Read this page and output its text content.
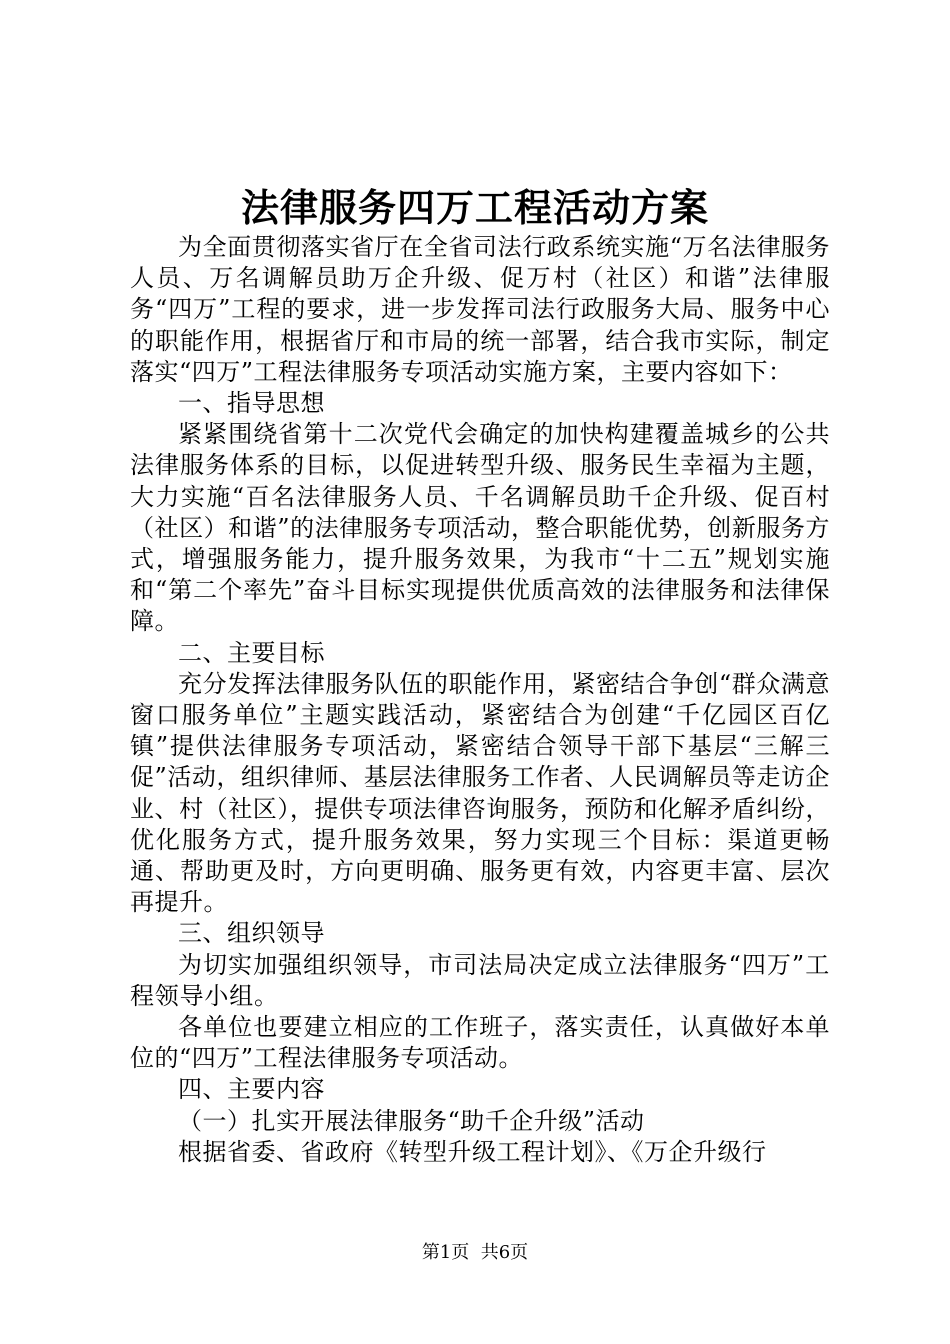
法律服务四万工程活动方案

为全面贯彻落实省厅在全省司法行政系统实施“万名法律服务人员、万名调解员助万企升级、促万村（社区）和谐”法律服务“四万”工程的要求，进一步发挥司法行政服务大局、服务中心的职能作用，根据省厅和市局的统一部署，结合我市实际，制定落实“四万”工程法律服务专项活动实施方案，主要内容如下：

一、指导思想

紧紧围绕省第十二次党代会确定的加快构建覆盖城乡的公共法律服务体系的目标，以促进转型升级、服务民生幸福为主题，大力实施“百名法律服务人员、千名调解员助千企升级、促百村（社区）和谐”的法律服务专项活动，整合职能优势，创新服务方式，增强服务能力，提升服务效果，为我市“十二五”规划实施和“第二个率先”奋斗目标实现提供优质高效的法律服务和法律保障。

二、主要目标

充分发挥法律服务队伍的职能作用，紧密结合争创“群众满意窗口服务单位”主题实践活动，紧密结合为创建“千亿园区百亿镇”提供法律服务专项活动，紧密结合领导干部下基层“三解三促”活动，组织律师、基层法律服务工作者、人民调解员等走访企业、村（社区），提供专项法律咨询服务，预防和化解矛盾纠纷，优化服务方式，提升服务效果，努力实现三个目标：渠道更畅通、帮助更及时，方向更明确、服务更有效，内容更丰富、层次再提升。

三、组织领导

为切实加强组织领导，市司法局决定成立法律服务“四万”工程领导小组。

各单位也要建立相应的工作班子，落实责任，认真做好本单位的“四万”工程法律服务专项活动。

四、主要内容

（一）扎实开展法律服务“助千企升级”活动

根据省委、省政府《转型升级工程计划》、《万企升级行

第1页 共6页
